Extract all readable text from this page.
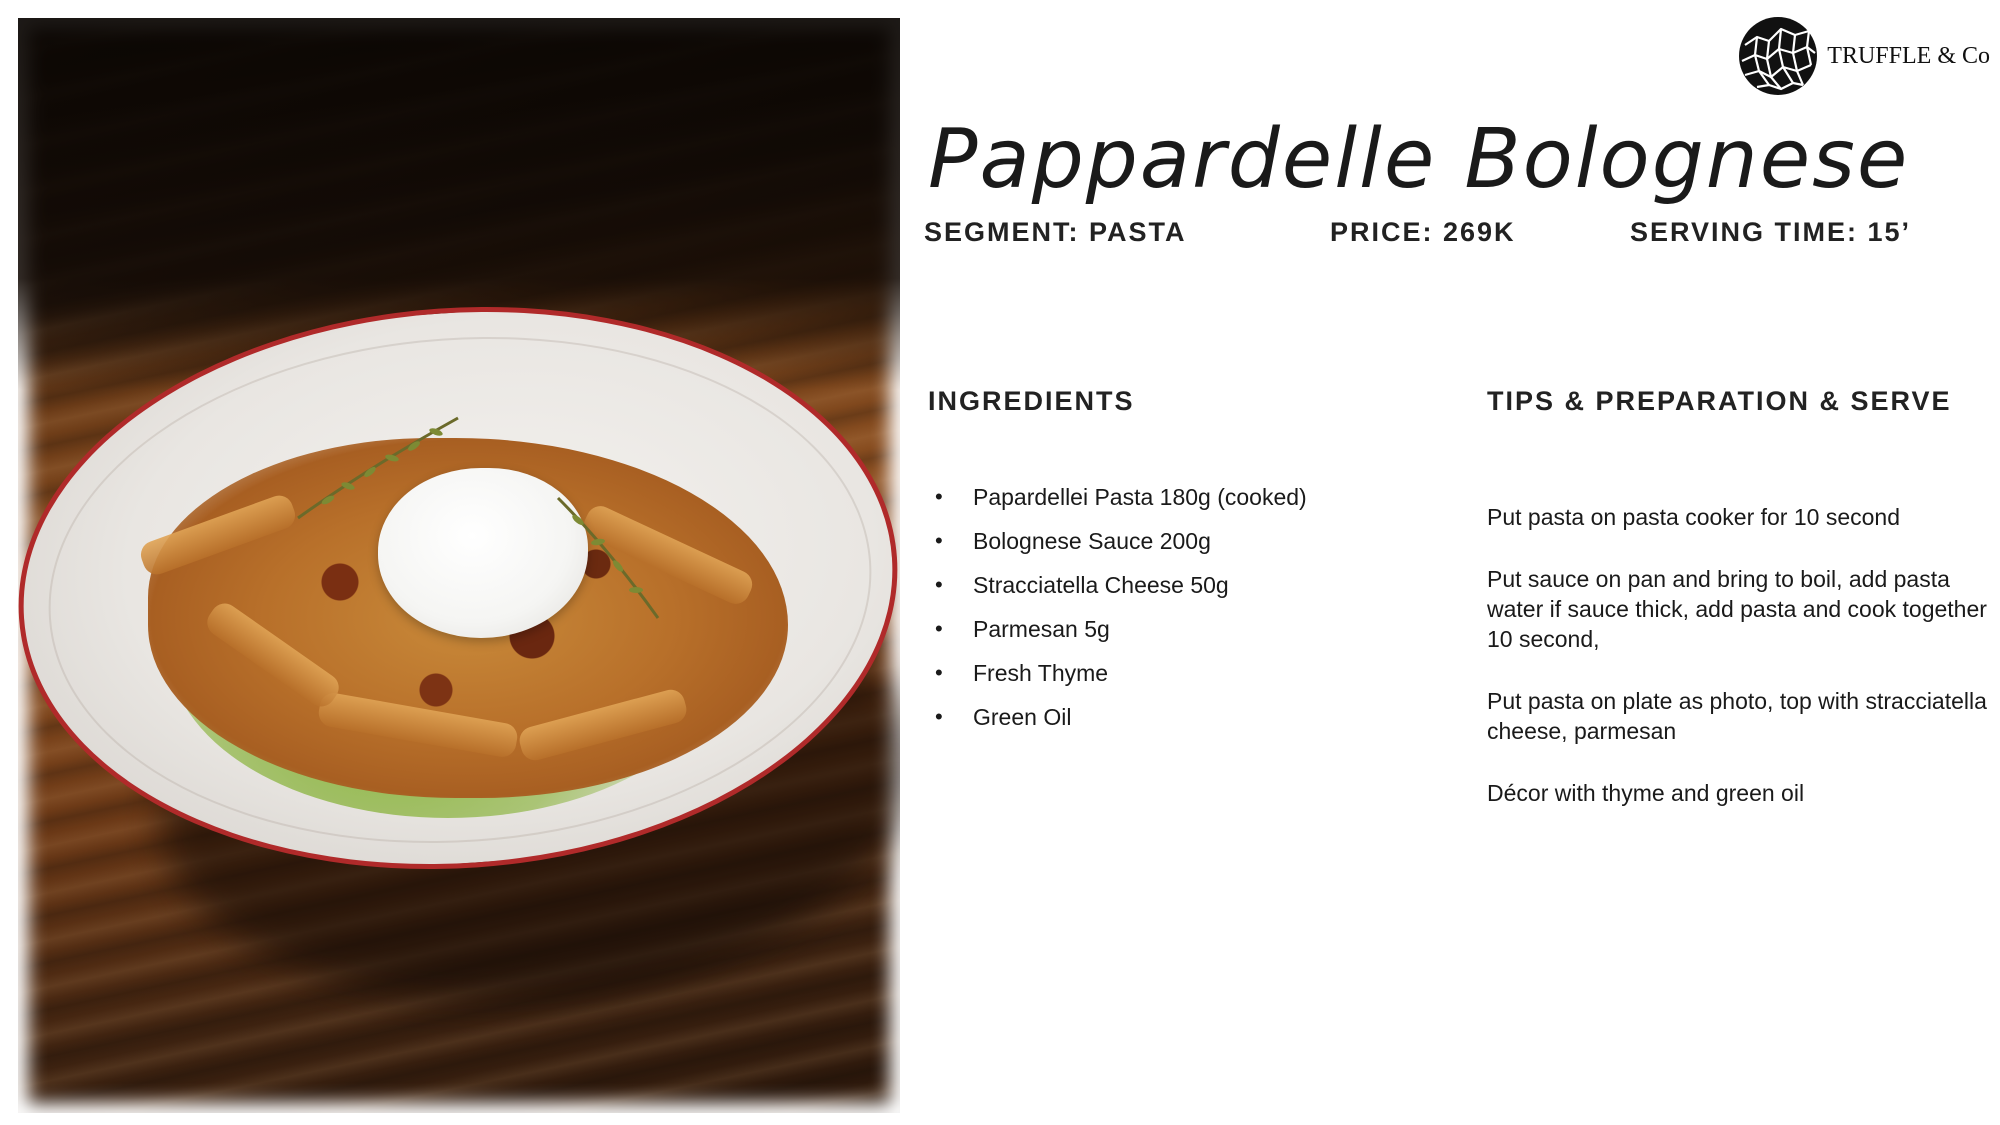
TRUFFLE & Co
Pappardelle Bolognese
SEGMENT: PASTA	PRICE: 269K	SERVING TIME: 15’
INGREDIENTS
• Papardellei Pasta 180g (cooked)
• Bolognese Sauce 200g
• Stracciatella Cheese 50g
• Parmesan 5g
• Fresh Thyme
• Green Oil
TIPS & PREPARATION & SERVE

Put pasta on pasta cooker for 10 second

Put sauce on pan and bring to boil, add pasta water if sauce thick, add pasta and cook together 10 second,

Put pasta on plate as photo, top with stracciatella cheese, parmesan

Décor with thyme and green oil
